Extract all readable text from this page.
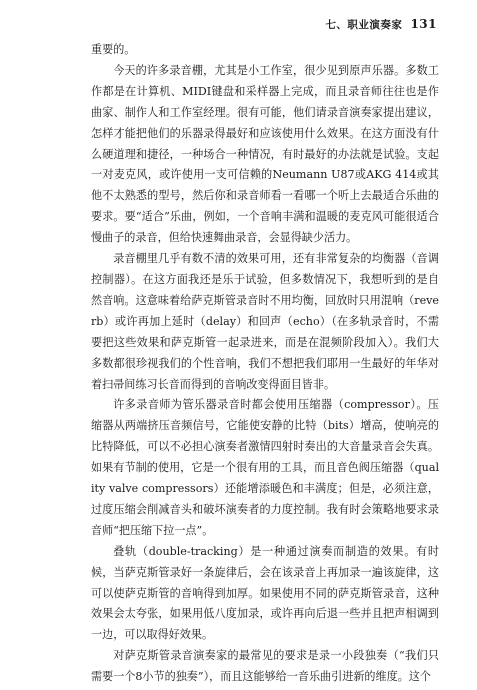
七、职业演奏家 131

重要的。

今天的许多录音棚，尤其是小工作室，很少见到原声乐器。多数工作都是在计算机、MIDI键盘和采样器上完成，而且录音师往往也是作曲家、制作人和工作室经理。很有可能，他们请录音演奏家提出建议，怎样才能把他们的乐器录得最好和应该使用什么效果。在这方面没有什么硬道理和捷径，一种场合一种情况，有时最好的办法就是试验。支起一对麦克风，或许使用一支可信赖的Neumann U87或AKG 414或其他不太熟悉的型号，然后你和录音师看一看哪一个听上去最适合乐曲的要求。要“适合”乐曲，例如，一个音响丰满和温暖的麦克风可能很适合慢曲子的录音，但给快速舞曲录音，会显得缺少活力。

录音棚里几乎有数不清的效果可用，还有非常复杂的均衡器（音调控制器）。在这方面我还是乐于试验，但多数情况下，我想听到的是自然音响。这意味着给萨克斯管录音时不用均衡，回放时只用混响（reverb）或许再加上延时（delay）和回声（echo）（在多轨录音时，不需要把这些效果和萨克斯管一起录进来，而是在混频阶段加入）。我们大多数都很珍视我们的个性音响，我们不想把我们耶用一生最好的年华对着扫帚间练习长音而得到的音响改变得面目皆非。

许多录音师为管乐器录音时都会使用压缩器（compressor）。压缩器从两端挤压音频信号，它能使安静的比特（bits）增高，使响亮的比特降低，可以不必担心演奏者激情四射时奏出的大音量录音会失真。如果有节制的使用，它是一个很有用的工具，而且音色阀压缩器（quality valve compressors）还能增添暖色和丰满度；但是，必须注意，过度压缩会削减音头和破坏演奏者的力度控制。我有时会策略地要求录音师“把压缩下拉一点”。

叠轨（double-tracking）是一种通过演奏而制造的效果。有时候，当萨克斯管录好一条旋律后，会在该录音上再加录一遍该旋律，这可以使萨克斯管的音响得到加厚。如果使用不同的萨克斯管录音，这种效果会太夸张，如果用低八度加录，或许再向后退一些并且把声相调到一边，可以取得好效果。

对萨克斯管录音演奏家的最常见的要求是录一小段独奏（“我们只需要一个8小节的独奏”），而且这能够给一音乐曲引进新的维度。这个
